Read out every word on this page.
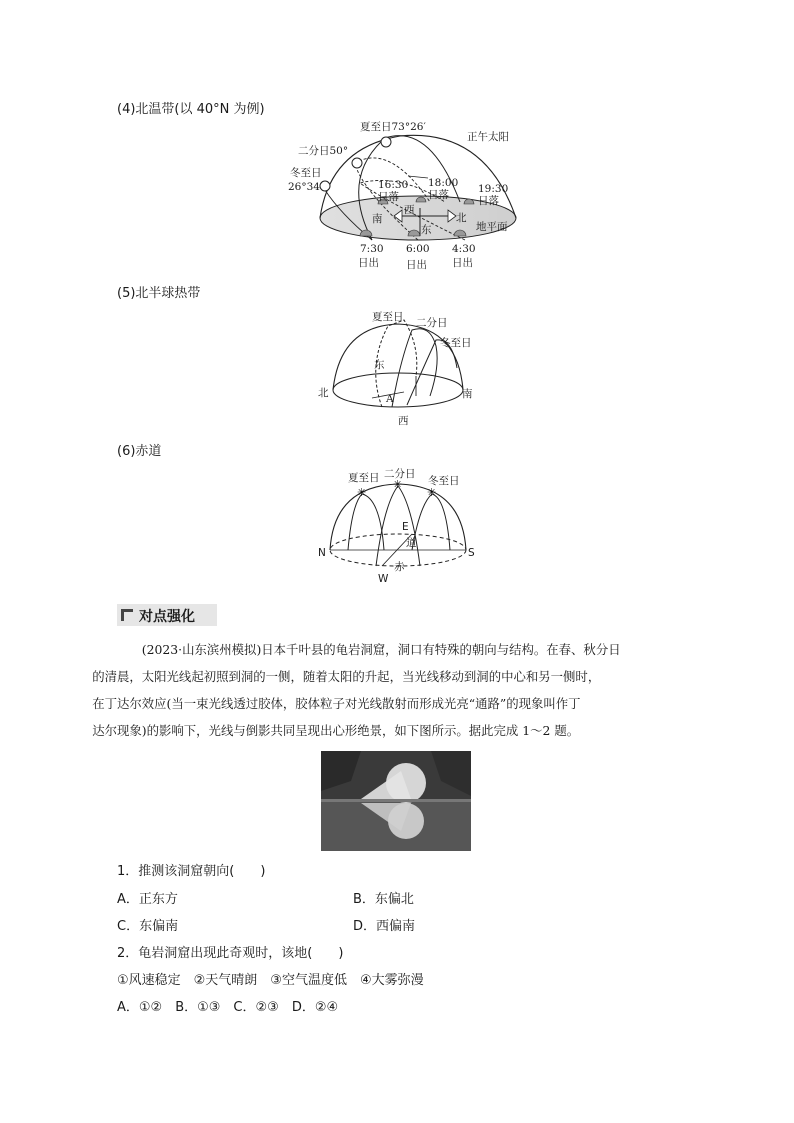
(4)北温带(以 40°N 为例)
(5)北半球热带
(6)赤道
夏至日73°26′
正午太阳
二分日50°
冬至日
26°34′	16:30
日落
18:00
日落	19:30
日落
西
东
南	北
地平面
7:30
日出
6:00
日出
4:30
日出
夏至日 二分日
冬至日
东
北	南
A
西
✳
✳
✳
夏至日 二分日
冬至日
E
道
N	S
赤
W
对点强化
(2023·山东滨州模拟)日本千叶县的龟岩洞窟，洞口有特殊的朝向与结构。在春、秋分日
的清晨，太阳光线起初照到洞的一侧，随着太阳的升起，当光线移动到洞的中心和另一侧时，
在丁达尔效应(当一束光线透过胶体，胶体粒子对光线散射而形成光亮“通路”的现象叫作丁
达尔现象)的影响下，光线与倒影共同呈现出心形绝景，如下图所示。据此完成 1～2 题。
1．推测该洞窟朝向(　　)
A．正东方	B．东偏北
C．东偏南	D．西偏南
2．龟岩洞窟出现此奇观时，该地(　　)
①风速稳定　②天气晴朗　③空气温度低　④大雾弥漫
A．①②　B．①③　C．②③　D．②④
